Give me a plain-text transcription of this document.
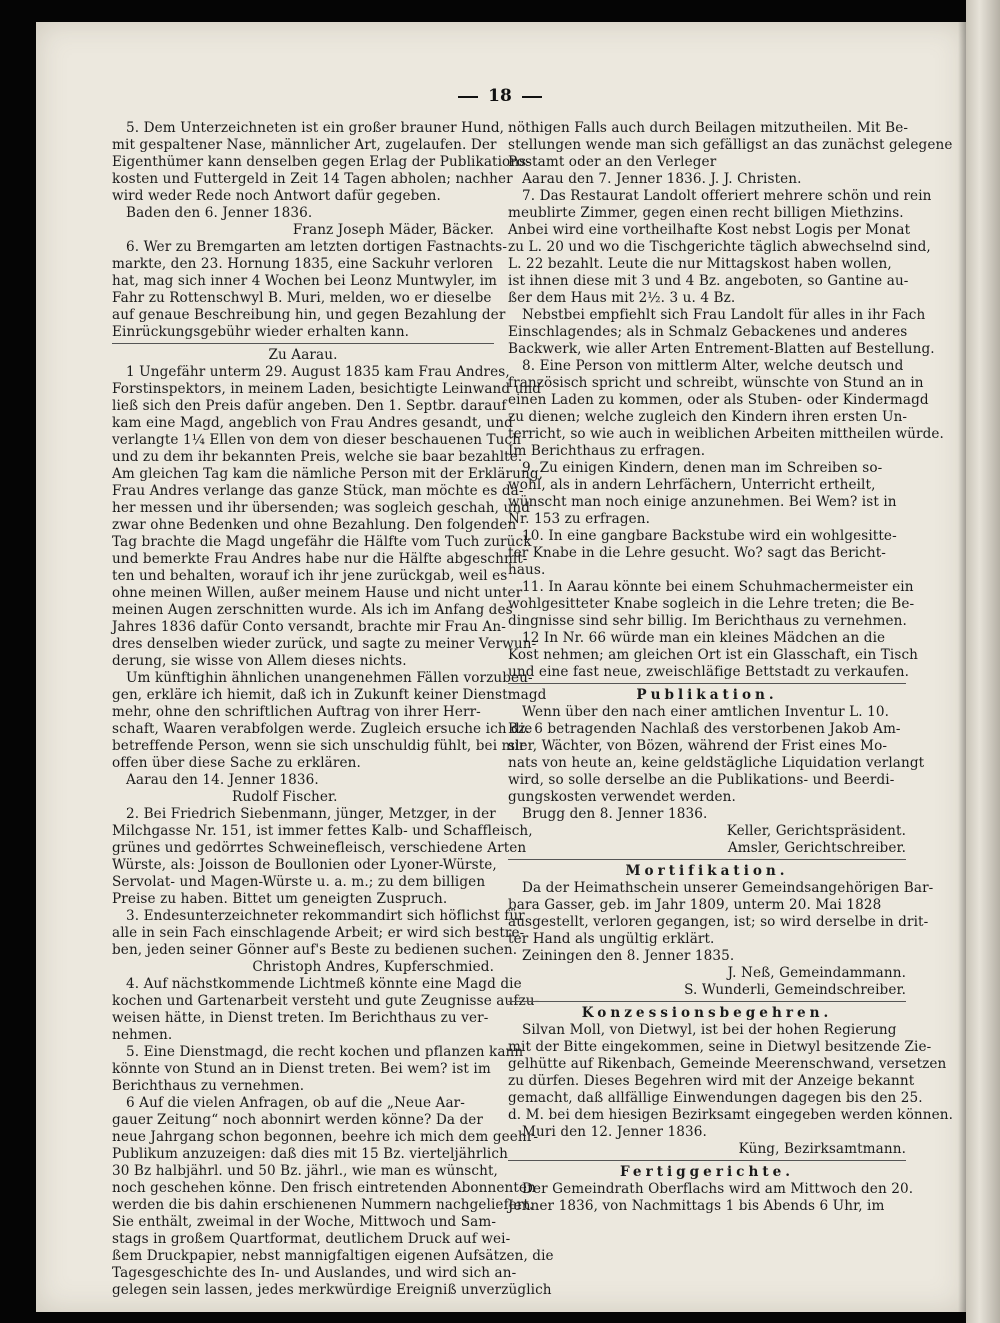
18
5. Dem Unterzeichneten ist ein großer brauner Hund,
mit gespaltener Nase, männlicher Art, zugelaufen. Der
Eigenthümer kann denselben gegen Erlag der Publikations-
kosten und Futtergeld in Zeit 14 Tagen abholen; nachher
wird weder Rede noch Antwort dafür gegeben.
Baden den 6. Jenner 1836.
Franz Joseph Mäder, Bäcker.
6. Wer zu Bremgarten am letzten dortigen Fastnachts-
markte, den 23. Hornung 1835, eine Sackuhr verloren
hat, mag sich inner 4 Wochen bei Leonz Muntwyler, im
Fahr zu Rottenschwyl B. Muri, melden, wo er dieselbe
auf genaue Beschreibung hin, und gegen Bezahlung der
Einrückungsgebühr wieder erhalten kann.
Zu Aarau.
1 Ungefähr unterm 29. August 1835 kam Frau Andres,
Forstinspektors, in meinem Laden, besichtigte Leinwand und
ließ sich den Preis dafür angeben. Den 1. Septbr. darauf
kam eine Magd, angeblich von Frau Andres gesandt, und
verlangte 1¼ Ellen von dem von dieser beschauenen Tuch
und zu dem ihr bekannten Preis, welche sie baar bezahlte.
Am gleichen Tag kam die nämliche Person mit der Erklärung,
Frau Andres verlange das ganze Stück, man möchte es da-
her messen und ihr übersenden; was sogleich geschah, und
zwar ohne Bedenken und ohne Bezahlung. Den folgenden
Tag brachte die Magd ungefähr die Hälfte vom Tuch zurück
und bemerkte Frau Andres habe nur die Hälfte abgeschnit-
ten und behalten, worauf ich ihr jene zurückgab, weil es
ohne meinen Willen, außer meinem Hause und nicht unter
meinen Augen zerschnitten wurde. Als ich im Anfang des
Jahres 1836 dafür Conto versandt, brachte mir Frau An-
dres denselben wieder zurück, und sagte zu meiner Verwun-
derung, sie wisse von Allem dieses nichts.
Um künftighin ähnlichen unangenehmen Fällen vorzubeu-
gen, erkläre ich hiemit, daß ich in Zukunft keiner Dienstmagd
mehr, ohne den schriftlichen Auftrag von ihrer Herr-
schaft, Waaren verabfolgen werde. Zugleich ersuche ich die
betreffende Person, wenn sie sich unschuldig fühlt, bei mir
offen über diese Sache zu erklären.
Aarau den 14. Jenner 1836.
Rudolf Fischer.
2. Bei Friedrich Siebenmann, jünger, Metzger, in der
Milchgasse Nr. 151, ist immer fettes Kalb- und Schaffleisch,
grünes und gedörrtes Schweinefleisch, verschiedene Arten
Würste, als: Joisson de Boullonien oder Lyoner-Würste,
Servolat- und Magen-Würste u. a. m.; zu dem billigen
Preise zu haben. Bittet um geneigten Zuspruch.
3. Endesunterzeichneter rekommandirt sich höflichst für
alle in sein Fach einschlagende Arbeit; er wird sich bestre-
ben, jeden seiner Gönner auf's Beste zu bedienen suchen.
Christoph Andres, Kupferschmied.
4. Auf nächstkommende Lichtmeß könnte eine Magd die
kochen und Gartenarbeit versteht und gute Zeugnisse aufzu-
weisen hätte, in Dienst treten. Im Berichthaus zu ver-
nehmen.
5. Eine Dienstmagd, die recht kochen und pflanzen kann
könnte von Stund an in Dienst treten. Bei wem? ist im
Berichthaus zu vernehmen.
6 Auf die vielen Anfragen, ob auf die „Neue Aar-
gauer Zeitung“ noch abonnirt werden könne? Da der
neue Jahrgang schon begonnen, beehre ich mich dem geehr-
Publikum anzuzeigen: daß dies mit 15 Bz. vierteljährlich
30 Bz halbjährl. und 50 Bz. jährl., wie man es wünscht,
noch geschehen könne. Den frisch eintretenden Abonnenten
werden die bis dahin erschienenen Nummern nachgeliefert.
Sie enthält, zweimal in der Woche, Mittwoch und Sam-
stags in großem Quartformat, deutlichem Druck auf wei-
ßem Druckpapier, nebst mannigfaltigen eigenen Aufsätzen, die
Tagesgeschichte des In- und Auslandes, und wird sich an-
gelegen sein lassen, jedes merkwürdige Ereigniß unverzüglich
nöthigen Falls auch durch Beilagen mitzutheilen. Mit Be-
stellungen wende man sich gefälligst an das zunächst gelegene
Postamt oder an den Verleger
Aarau den 7. Jenner 1836. J. J. Christen.
7. Das Restaurat Landolt offeriert mehrere schön und rein
meublirte Zimmer, gegen einen recht billigen Miethzins.
Anbei wird eine vortheilhafte Kost nebst Logis per Monat
zu L. 20 und wo die Tischgerichte täglich abwechselnd sind,
L. 22 bezahlt. Leute die nur Mittagskost haben wollen,
ist ihnen diese mit 3 und 4 Bz. angeboten, so Gantine au-
ßer dem Haus mit 2½. 3 u. 4 Bz.
Nebstbei empfiehlt sich Frau Landolt für alles in ihr Fach
Einschlagendes; als in Schmalz Gebackenes und anderes
Backwerk, wie aller Arten Entrement-Blatten auf Bestellung.
8. Eine Person von mittlerm Alter, welche deutsch und
französisch spricht und schreibt, wünschte von Stund an in
einen Laden zu kommen, oder als Stuben- oder Kindermagd
zu dienen; welche zugleich den Kindern ihren ersten Un-
terricht, so wie auch in weiblichen Arbeiten mittheilen würde.
Im Berichthaus zu erfragen.
9. Zu einigen Kindern, denen man im Schreiben so-
wohl, als in andern Lehrfächern, Unterricht ertheilt,
wünscht man noch einige anzunehmen. Bei Wem? ist in
Nr. 153 zu erfragen.
10. In eine gangbare Backstube wird ein wohlgesitte-
ter Knabe in die Lehre gesucht. Wo? sagt das Bericht-
haus.
11. In Aarau könnte bei einem Schuhmachermeister ein
wohlgesitteter Knabe sogleich in die Lehre treten; die Be-
dingnisse sind sehr billig. Im Berichthaus zu vernehmen.
12 In Nr. 66 würde man ein kleines Mädchen an die
Kost nehmen; am gleichen Ort ist ein Glasschaft, ein Tisch
und eine fast neue, zweischläfige Bettstadt zu verkaufen.
Publikation.
Wenn über den nach einer amtlichen Inventur L. 10.
Bz. 6 betragenden Nachlaß des verstorbenen Jakob Am-
sler, Wächter, von Bözen, während der Frist eines Mo-
nats von heute an, keine geldstägliche Liquidation verlangt
wird, so solle derselbe an die Publikations- und Beerdi-
gungskosten verwendet werden.
Brugg den 8. Jenner 1836.
Keller, Gerichtspräsident.
Amsler, Gerichtschreiber.
Mortifikation.
Da der Heimathschein unserer Gemeindsangehörigen Bar-
bara Gasser, geb. im Jahr 1809, unterm 20. Mai 1828
ausgestellt, verloren gegangen, ist; so wird derselbe in drit-
ter Hand als ungültig erklärt.
Zeiningen den 8. Jenner 1835.
J. Neß, Gemeindammann.
S. Wunderli, Gemeindschreiber.
Konzessionsbegehren.
Silvan Moll, von Dietwyl, ist bei der hohen Regierung
mit der Bitte eingekommen, seine in Dietwyl besitzende Zie-
gelhütte auf Rikenbach, Gemeinde Meerenschwand, versetzen
zu dürfen. Dieses Begehren wird mit der Anzeige bekannt
gemacht, daß allfällige Einwendungen dagegen bis den 25.
d. M. bei dem hiesigen Bezirksamt eingegeben werden können.
Muri den 12. Jenner 1836.
Küng, Bezirksamtmann.
Fertiggerichte.
Der Gemeindrath Oberflachs wird am Mittwoch den 20.
Jenner 1836, von Nachmittags 1 bis Abends 6 Uhr, im
